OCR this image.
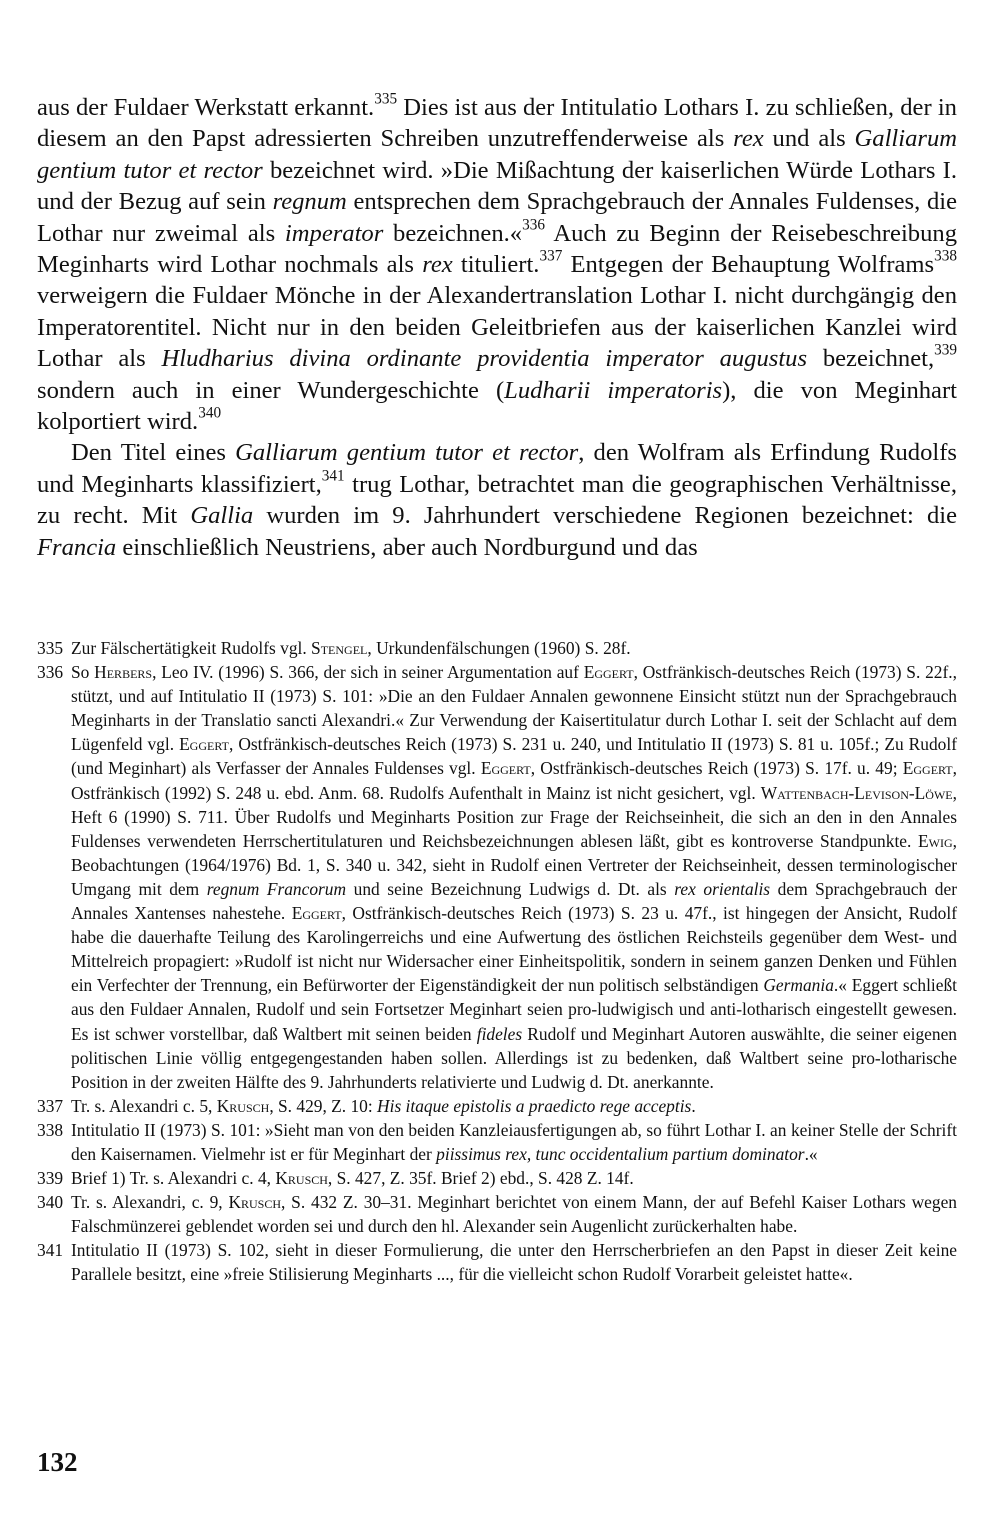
aus der Fuldaer Werkstatt erkannt.$^{335}$ Dies ist aus der Intitulatio Lothars I. zu schließen, der in diesem an den Papst adressierten Schreiben unzutreffenderweise als rex und als Galliarum gentium tutor et rector bezeichnet wird. »Die Mißachtung der kaiserlichen Würde Lothars I. und der Bezug auf sein regnum entsprechen dem Sprachgebrauch der Annales Fuldenses, die Lothar nur zweimal als imperator bezeichnen.«$^{336}$ Auch zu Beginn der Reisebeschreibung Meginharts wird Lothar nochmals als rex tituliert.$^{337}$ Entgegen der Behauptung Wolframs$^{338}$ verweigern die Fuldaer Mönche in der Alexandertranslation Lothar I. nicht durchgängig den Imperatorentitel. Nicht nur in den beiden Geleitbriefen aus der kaiserlichen Kanzlei wird Lothar als Hludharius divina ordinante providentia imperator augustus bezeichnet,$^{339}$ sondern auch in einer Wundergeschichte (Ludharii imperatoris), die von Meginhart kolportiert wird.$^{340}$

Den Titel eines Galliarum gentium tutor et rector, den Wolfram als Erfindung Rudolfs und Meginharts klassifiziert,$^{341}$ trug Lothar, betrachtet man die geographischen Verhältnisse, zu recht. Mit Gallia wurden im 9. Jahrhundert verschiedene Regionen bezeichnet: die Francia einschließlich Neustriens, aber auch Nordburgund und das

335 Zur Fälschertätigkeit Rudolfs vgl. Stengel, Urkundenfälschungen (1960) S. 28f.
336 So Herbers, Leo IV. (1996) S. 366, der sich in seiner Argumentation auf Eggert, Ostfränkisch-deutsches Reich (1973) S. 22f., stützt, und auf Intitulatio II (1973) S. 101: »Die an den Fuldaer Annalen gewonnene Einsicht stützt nun der Sprachgebrauch Meginharts in der Translatio sancti Alexandri.« Zur Verwendung der Kaisertitulatur durch Lothar I. seit der Schlacht auf dem Lügenfeld vgl. Eggert, Ostfränkisch-deutsches Reich (1973) S. 231 u. 240, und Intitulatio II (1973) S. 81 u. 105f.; Zu Rudolf (und Meginhart) als Verfasser der Annales Fuldenses vgl. Eggert, Ostfränkisch-deutsches Reich (1973) S. 17f. u. 49; Eggert, Ostfränkisch (1992) S. 248 u. ebd. Anm. 68. Rudolfs Aufenthalt in Mainz ist nicht gesichert, vgl. Wattenbach-Levison-Löwe, Heft 6 (1990) S. 711. Über Rudolfs und Meginharts Position zur Frage der Reichseinheit, die sich an den in den Annales Fuldenses verwendeten Herrschertitulaturen und Reichsbezeichnungen ablesen läßt, gibt es kontroverse Standpunkte. Ewig, Beobachtungen (1964/1976) Bd. 1, S. 340 u. 342, sieht in Rudolf einen Vertreter der Reichseinheit, dessen terminologischer Umgang mit dem regnum Francorum und seine Bezeichnung Ludwigs d. Dt. als rex orientalis dem Sprachgebrauch der Annales Xantenses nahestehe. Eggert, Ostfränkisch-deutsches Reich (1973) S. 23 u. 47f., ist hingegen der Ansicht, Rudolf habe die dauerhafte Teilung des Karolingerreichs und eine Aufwertung des östlichen Reichsteils gegenüber dem West- und Mittelreich propagiert: »Rudolf ist nicht nur Widersacher einer Einheitspolitik, sondern in seinem ganzen Denken und Fühlen ein Verfechter der Trennung, ein Befürworter der Eigenständigkeit der nun politisch selbständigen Germania.« Eggert schließt aus den Fuldaer Annalen, Rudolf und sein Fortsetzer Meginhart seien pro-ludwigisch und anti-lotharisch eingestellt gewesen. Es ist schwer vorstellbar, daß Waltbert mit seinen beiden fideles Rudolf und Meginhart Autoren auswählte, die seiner eigenen politischen Linie völlig entgegengestanden haben sollen. Allerdings ist zu bedenken, daß Waltbert seine pro-lotharische Position in der zweiten Hälfte des 9. Jahrhunderts relativierte und Ludwig d. Dt. anerkannte.
337 Tr. s. Alexandri c. 5, Krusch, S. 429, Z. 10: His itaque epistolis a praedicto rege acceptis.
338 Intitulatio II (1973) S. 101: »Sieht man von den beiden Kanzleiausfertigungen ab, so führt Lothar I. an keiner Stelle der Schrift den Kaisernamen. Vielmehr ist er für Meginhart der piissimus rex, tunc occidentalium partium dominator.«
339 Brief 1) Tr. s. Alexandri c. 4, Krusch, S. 427, Z. 35f. Brief 2) ebd., S. 428 Z. 14f.
340 Tr. s. Alexandri, c. 9, Krusch, S. 432 Z. 30–31. Meginhart berichtet von einem Mann, der auf Befehl Kaiser Lothars wegen Falschmünzerei geblendet worden sei und durch den hl. Alexander sein Augenlicht zurückerhalten habe.
341 Intitulatio II (1973) S. 102, sieht in dieser Formulierung, die unter den Herrscherbriefen an den Papst in dieser Zeit keine Parallele besitzt, eine »freie Stilisierung Meginharts ..., für die vielleicht schon Rudolf Vorarbeit geleistet hatte«.
132
